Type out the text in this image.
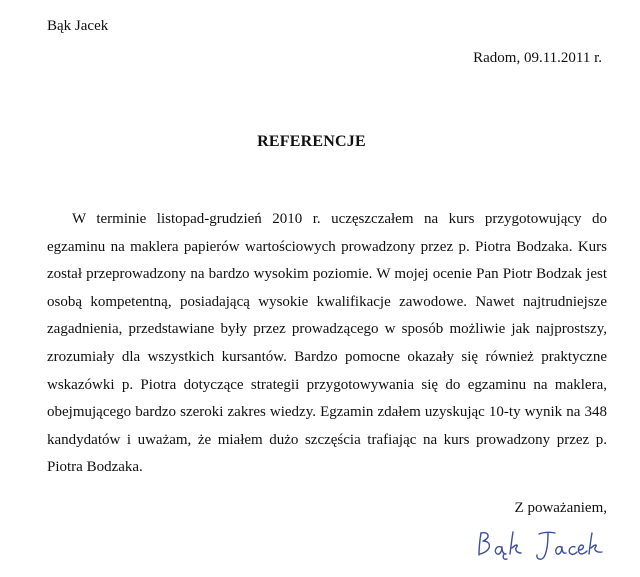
Bąk Jacek
Radom, 09.11.2011 r.
REFERENCJE

W terminie listopad-grudzień 2010 r. uczęszczałem na kurs przygotowujący do egzaminu na maklera papierów wartościowych prowadzony przez p. Piotra Bodzaka. Kurs został przeprowadzony na bardzo wysokim poziomie. W mojej ocenie Pan Piotr Bodzak jest osobą kompetentną, posiadającą wysokie kwalifikacje zawodowe. Nawet najtrudniejsze zagadnienia, przedstawiane były przez prowadzącego w sposób możliwie jak najprostszy, zrozumiały dla wszystkich kursantów. Bardzo pomocne okazały się również praktyczne wskazówki p. Piotra dotyczące strategii przygotowywania się do egzaminu na maklera, obejmującego bardzo szeroki zakres wiedzy. Egzamin zdałem uzyskując 10-ty wynik na 348 kandydatów i uważam, że miałem dużo szczęścia trafiając na kurs prowadzony przez p. Piotra Bodzaka.

Z poważaniem,
